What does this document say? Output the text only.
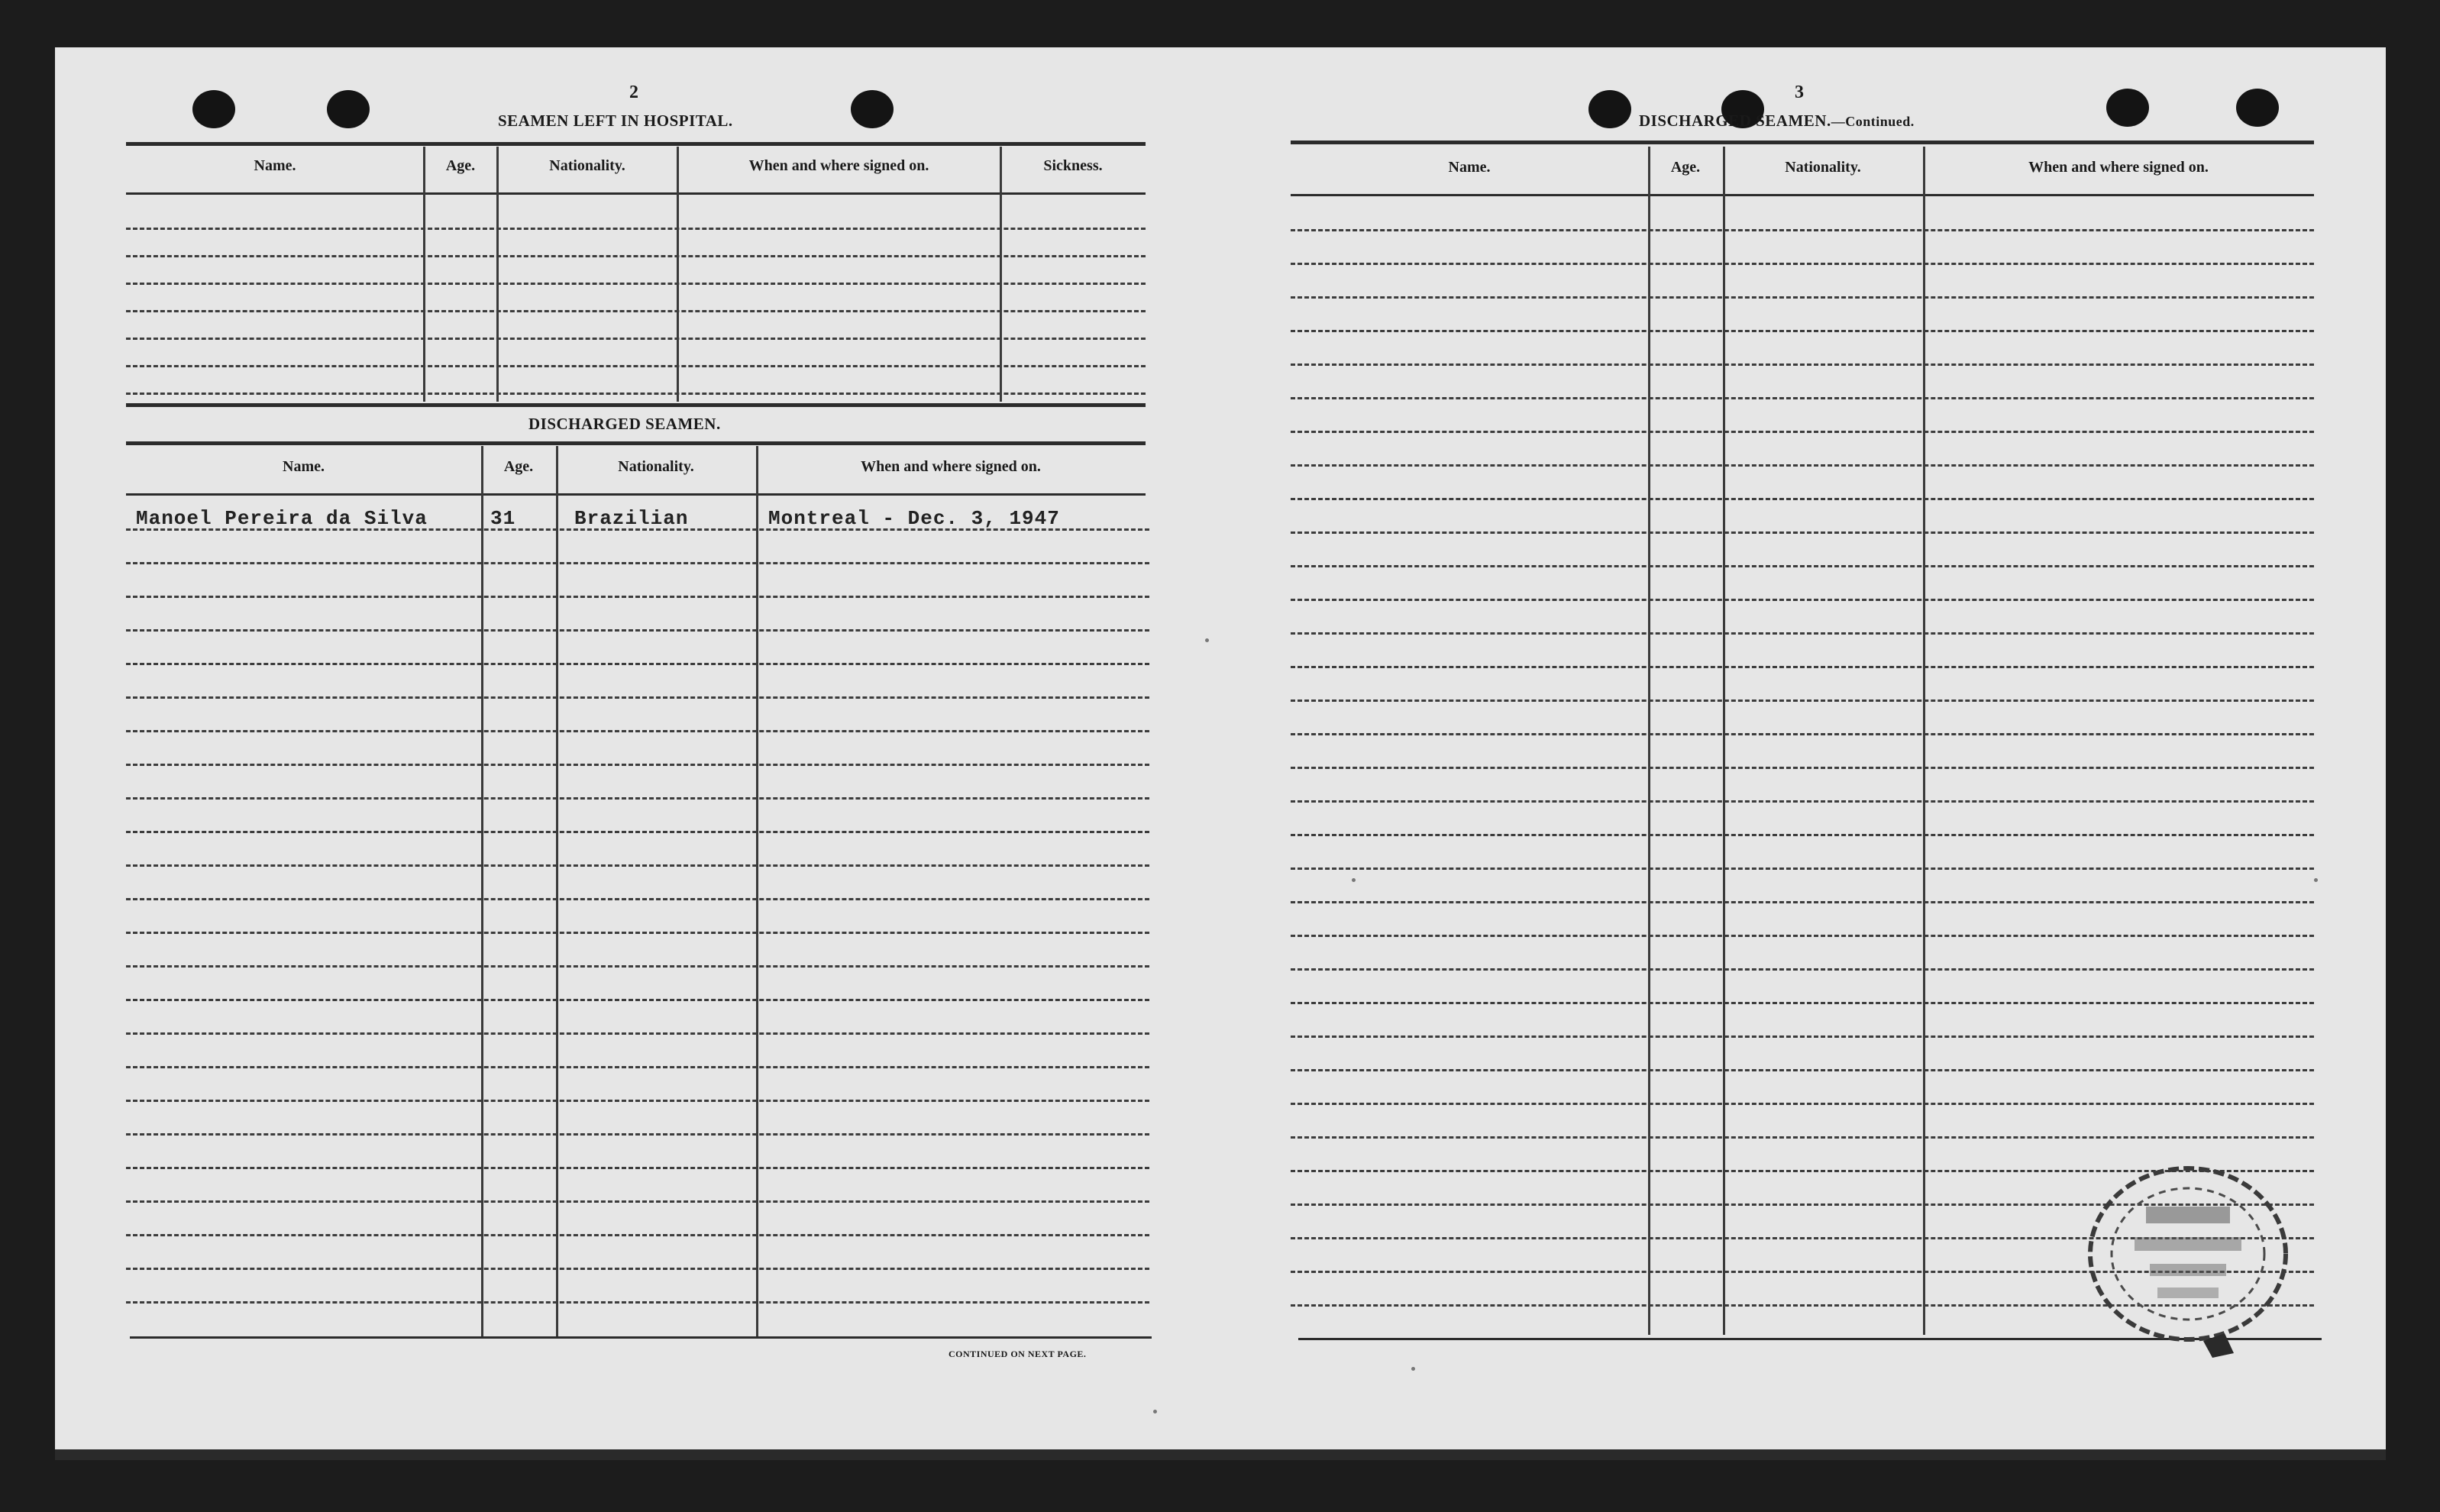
2
SEAMEN LEFT IN HOSPITAL.
Name.	Age.	Nationality.	When and where signed on.	Sickness.
DISCHARGED SEAMEN.
Name.	Age.	Nationality.	When and where signed on.
Manoel Pereira da Silva	31	Brazilian	Montreal - Dec. 3, 1947
CONTINUED ON NEXT PAGE.
3
DISCHARGED SEAMEN.—Continued.
Name.	Age.	Nationality.	When and where signed on.
